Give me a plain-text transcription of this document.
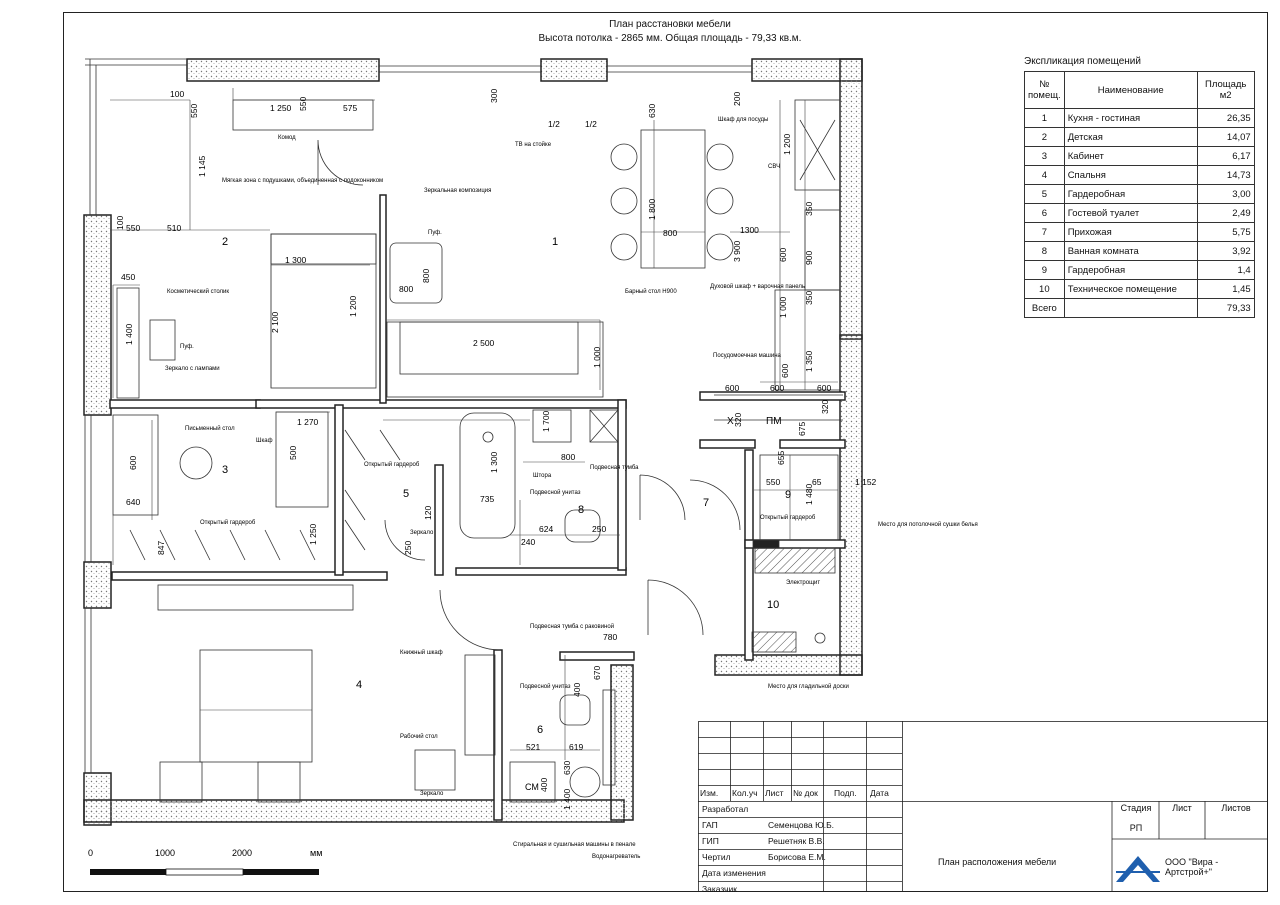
План расстановки мебели
Высота потолка - 2865 мм. Общая площадь - 79,33 кв.м.
1
2
3
4
5
6
7
8
9
10
Комод
ТВ на стойке
Мягкая зона с подушками, объединенная с подоконником
Зеркальная композиция
Пуф.
Шкаф для посуды
СВЧ
Барный стол Н900
Духовой шкаф + варочная панель
Косметический столик
Пуф.
Зеркало с лампами
Посудомоечная машина
Х	ПМ
Письменный стол
Шкаф
Открытый гардероб
Открытый гардероб
Открытый гардероб
Штора
Подвесная тумба
Подвесной унитаз
Зеркало
Место для потолочной сушки белья
Электрощит
Подвесная тумба с раковиной
Книжный шкаф
Подвесной унитаз
Рабочий стол
Зеркало
Место для гладильной доски
Стиральная и сушильная машины в пенале
Водонагреватель
СМ
100
550	1 250 550	575
300
1/2	1/2
630
200
1 145
100 550	510
1 300
800
800
1 800
800
1 200
350
900
600
1300
3 900
350
1 000
2 100
1 200
450
1 400	2 500
1 000	1 350
600
600	600	600
320
320
675
1 270
500
1 700
1 300	800
735
624	250
240
655
550	65	1 152
1 480
600
640
847
1 250
120
250
780
400
670
521	619
630
400
1 400
0	1000	2000	мм
Экспликация помещений
№ помещ.	Наименование	Площадь м2
1	Кухня - гостиная	26,35
2	Детская	14,07
3	Кабинет	6,17
4	Спальня	14,73
5	Гардеробная	3,00
6	Гостевой туалет	2,49
7	Прихожая	5,75
8	Ванная комната	3,92
9	Гардеробная	1,4
10	Техническое помещение	1,45
Всего		79,33
Изм. Кол.уч Лист № док Подп. Дата
Разработал
ГАП	Семенцова Ю.Б.
ГИП	Решетняк В.В.
Чертил	Борисова Е.М.
Дата изменения
Заказчик
Стадия	Лист	Листов
РП
План расположения мебели	ООО "Вира - Артстрой+"
